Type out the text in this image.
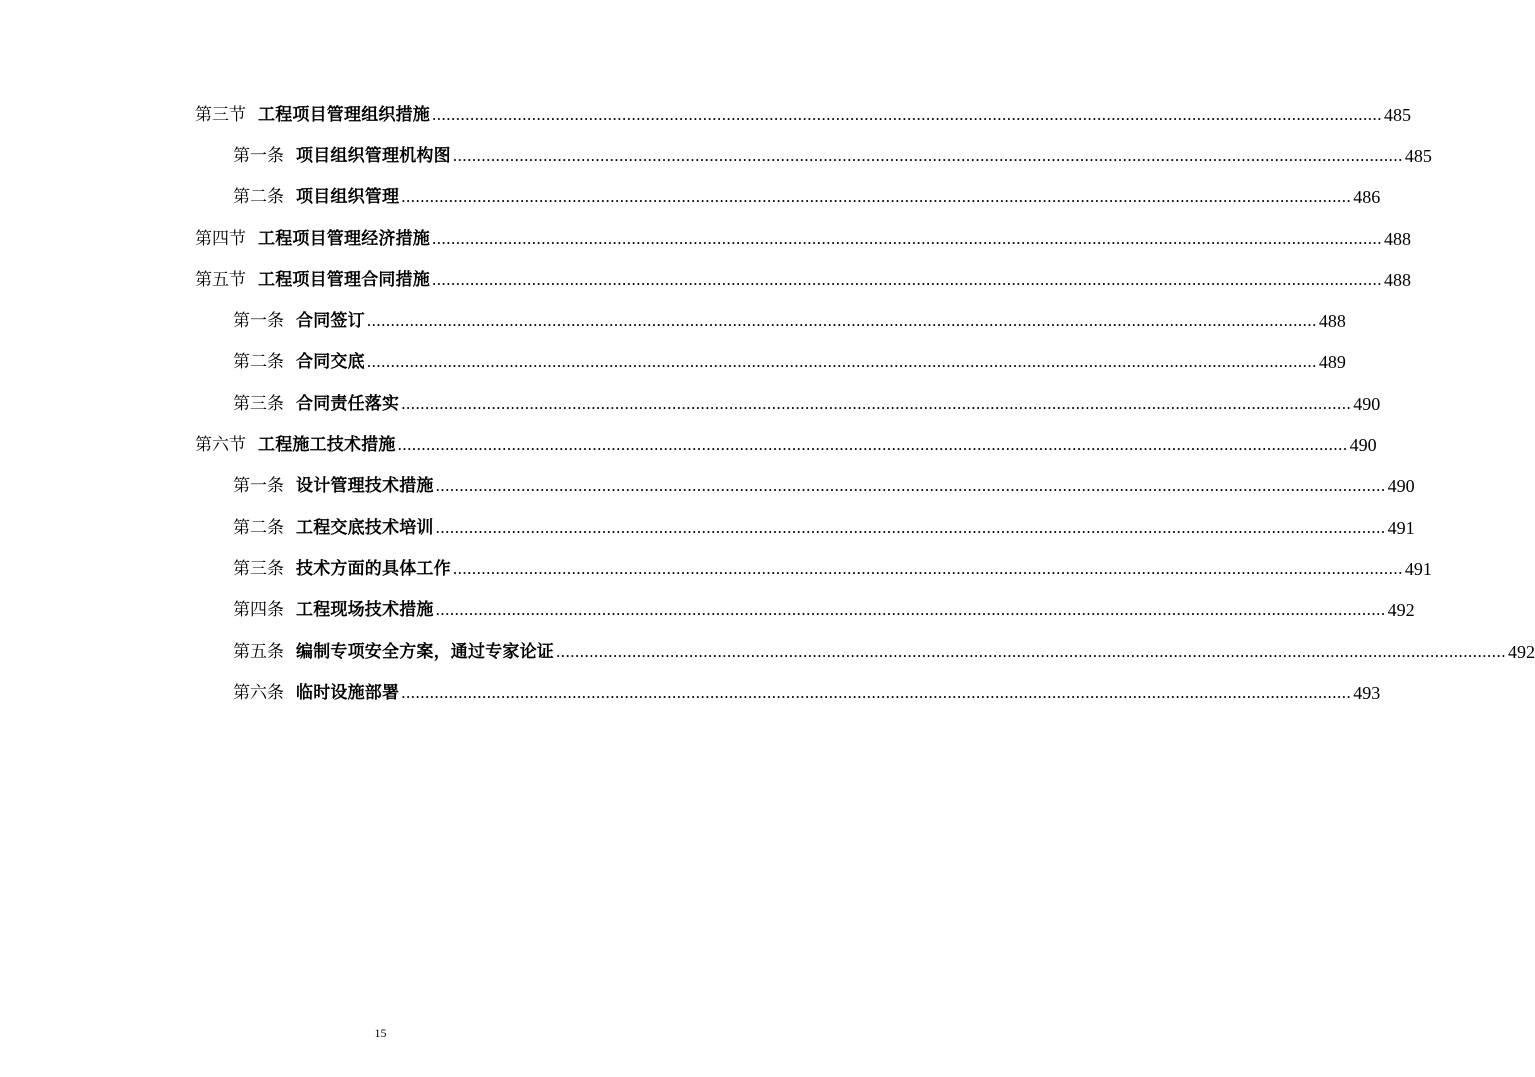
第三节 工程项目管理组织措施 ........................................................................................................................................................................................................ 485
第一条 项目组织管理机构图 ........................................................................................................................................................................................................ 485
第二条 项目组织管理 ........................................................................................................................................................................................................ 486
第四节 工程项目管理经济措施 ........................................................................................................................................................................................................ 488
第五节 工程项目管理合同措施 ........................................................................................................................................................................................................ 488
第一条 合同签订 ........................................................................................................................................................................................................ 488
第二条 合同交底 ........................................................................................................................................................................................................ 489
第三条 合同责任落实 ........................................................................................................................................................................................................ 490
第六节 工程施工技术措施 ........................................................................................................................................................................................................ 490
第一条 设计管理技术措施 ........................................................................................................................................................................................................ 490
第二条 工程交底技术培训 ........................................................................................................................................................................................................ 491
第三条 技术方面的具体工作 ........................................................................................................................................................................................................ 491
第四条 工程现场技术措施 ........................................................................................................................................................................................................ 492
第五条 编制专项安全方案，通过专家论证 ........................................................................................................................................................................................................ 492
第六条 临时设施部署 ........................................................................................................................................................................................................ 493
15
